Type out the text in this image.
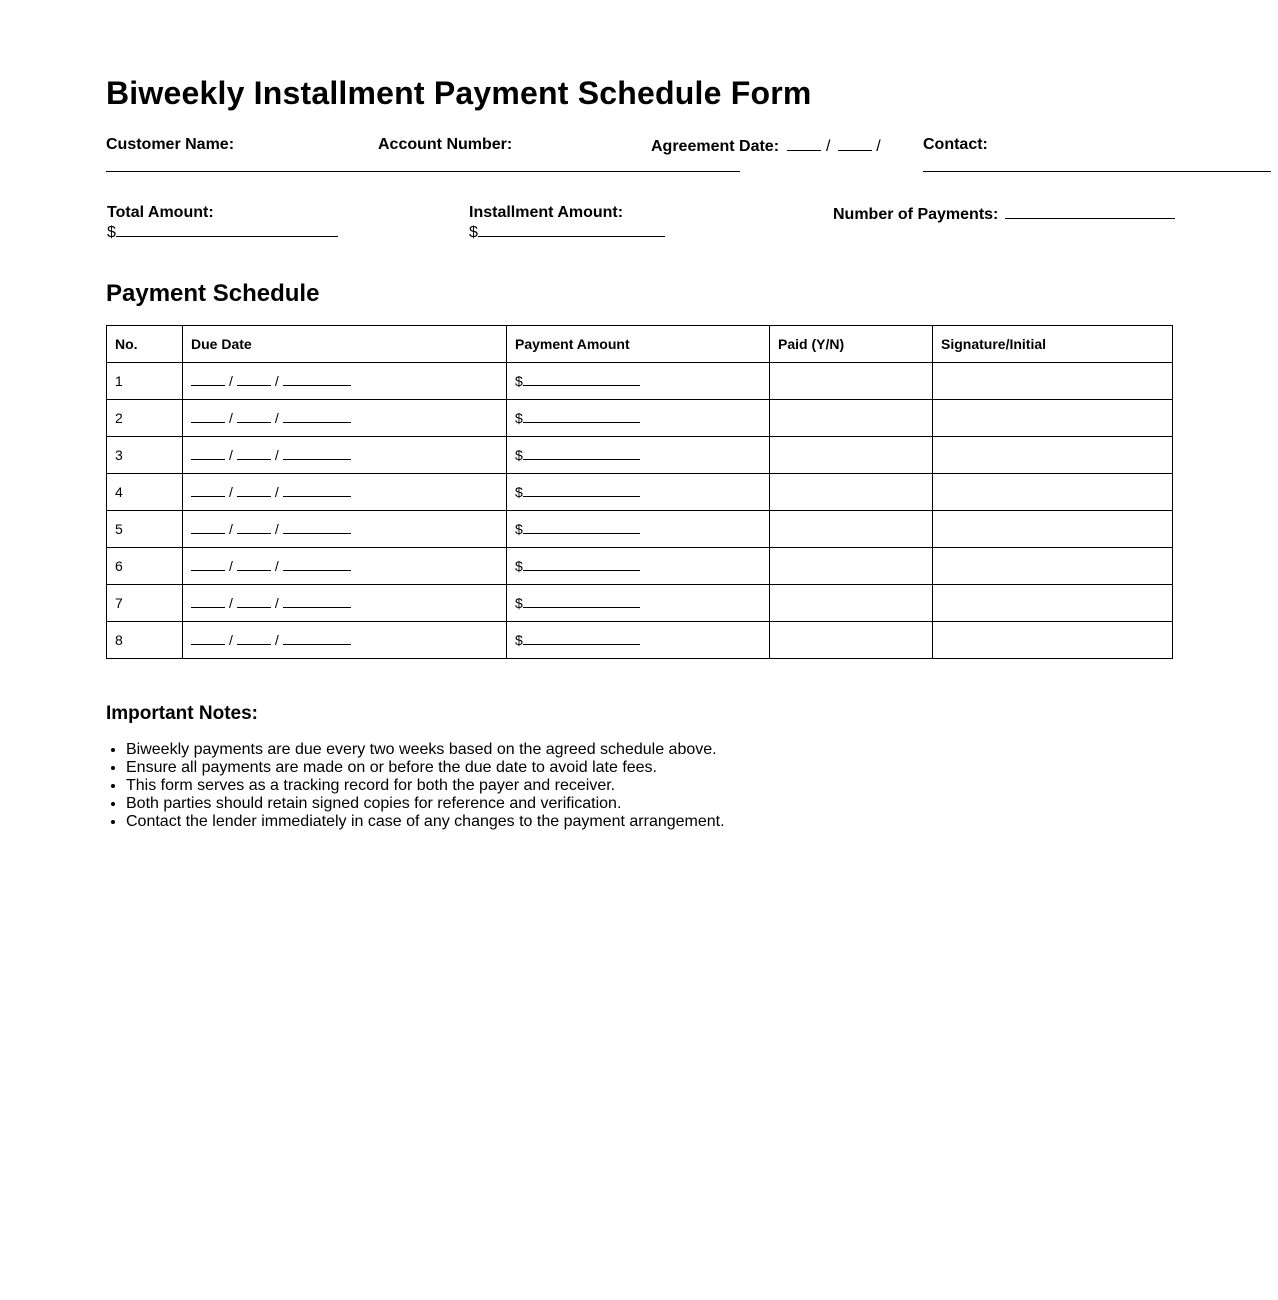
Biweekly Installment Payment Schedule Form
Customer Name:	Account Number:	Agreement Date:	/	/	Contact:
Total Amount:
$
Installment Amount:
$
Number of Payments:
Payment Schedule
No.	Due Date	Payment Amount	Paid (Y/N)	Signature/Initial
1	/ /	$		
2	/ /	$		
3	/ /	$		
4	/ /	$		
5	/ /	$		
6	/ /	$		
7	/ /	$		
8	/ /	$		
Important Notes:
• Biweekly payments are due every two weeks based on the agreed schedule above.
• Ensure all payments are made on or before the due date to avoid late fees.
• This form serves as a tracking record for both the payer and receiver.
• Both parties should retain signed copies for reference and verification.
• Contact the lender immediately in case of any changes to the payment arrangement.
